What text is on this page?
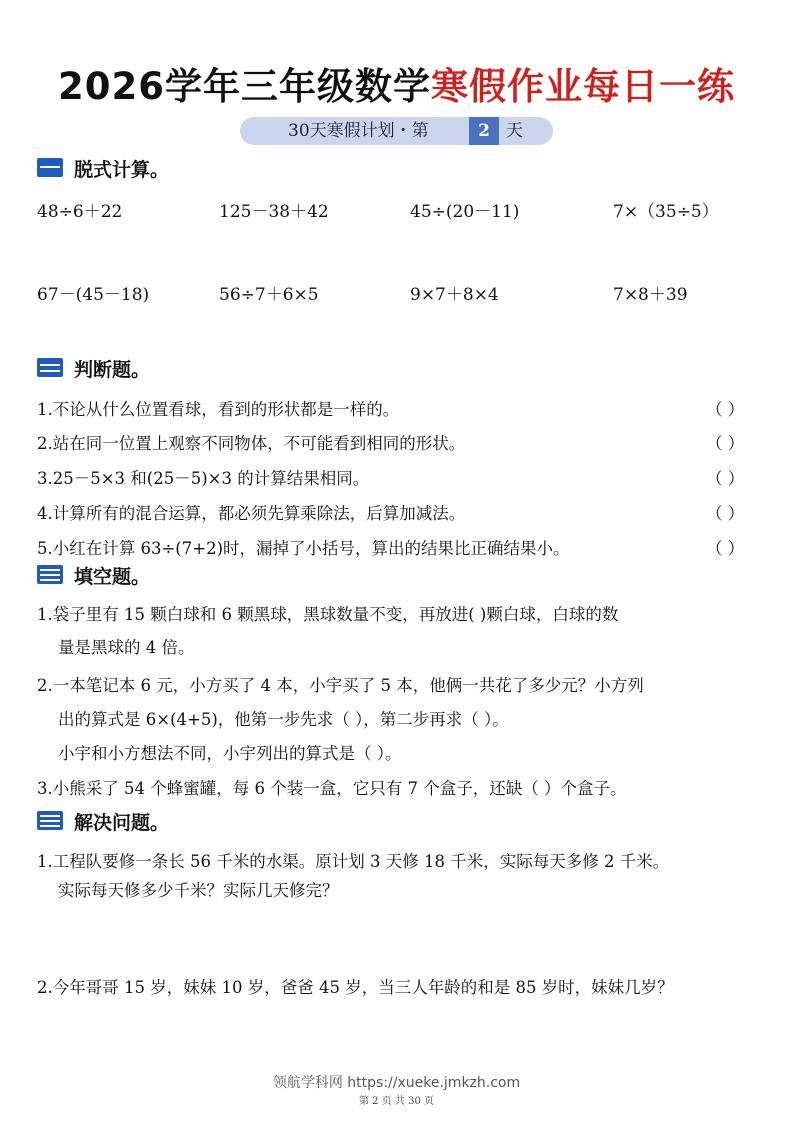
2026学年三年级数学寒假作业每日一练
30天寒假计划・第	2 天
脱式计算。
48÷6＋22	125－38＋42	45÷(20－11)	7×（35÷5）
67－(45－18)	56÷7＋6×5	9×7＋8×4	7×8＋39
判断题。
1.不论从什么位置看球，看到的形状都是一样的。	（ ）
2.站在同一位置上观察不同物体，不可能看到相同的形状。	（ ）
3.25－5×3 和(25－5)×3 的计算结果相同。	（ ）
4.计算所有的混合运算，都必须先算乘除法，后算加减法。	（ ）
5.小红在计算 63÷(7+2)时，漏掉了小括号，算出的结果比正确结果小。	（ ）
填空题。
1.袋子里有 15 颗白球和 6 颗黑球，黑球数量不变，再放进( )颗白球，白球的数
量是黑球的 4 倍。
2.一本笔记本 6 元，小方买了 4 本，小宇买了 5 本，他俩一共花了多少元？小方列
出的算式是 6×(4+5)，他第一步先求（ ），第二步再求（ ）。
小宇和小方想法不同，小宇列出的算式是（ ）。
3.小熊采了 54 个蜂蜜罐，每 6 个装一盒，它只有 7 个盒子，还缺（ ）个盒子。
解决问题。
1.工程队要修一条长 56 千米的水渠。原计划 3 天修 18 千米，实际每天多修 2 千米。
实际每天修多少千米？实际几天修完？
2.今年哥哥 15 岁，妹妹 10 岁，爸爸 45 岁，当三人年龄的和是 85 岁时，妹妹几岁？
领航学科网 https://xueke.jmkzh.com
第 2 页 共 30 页
